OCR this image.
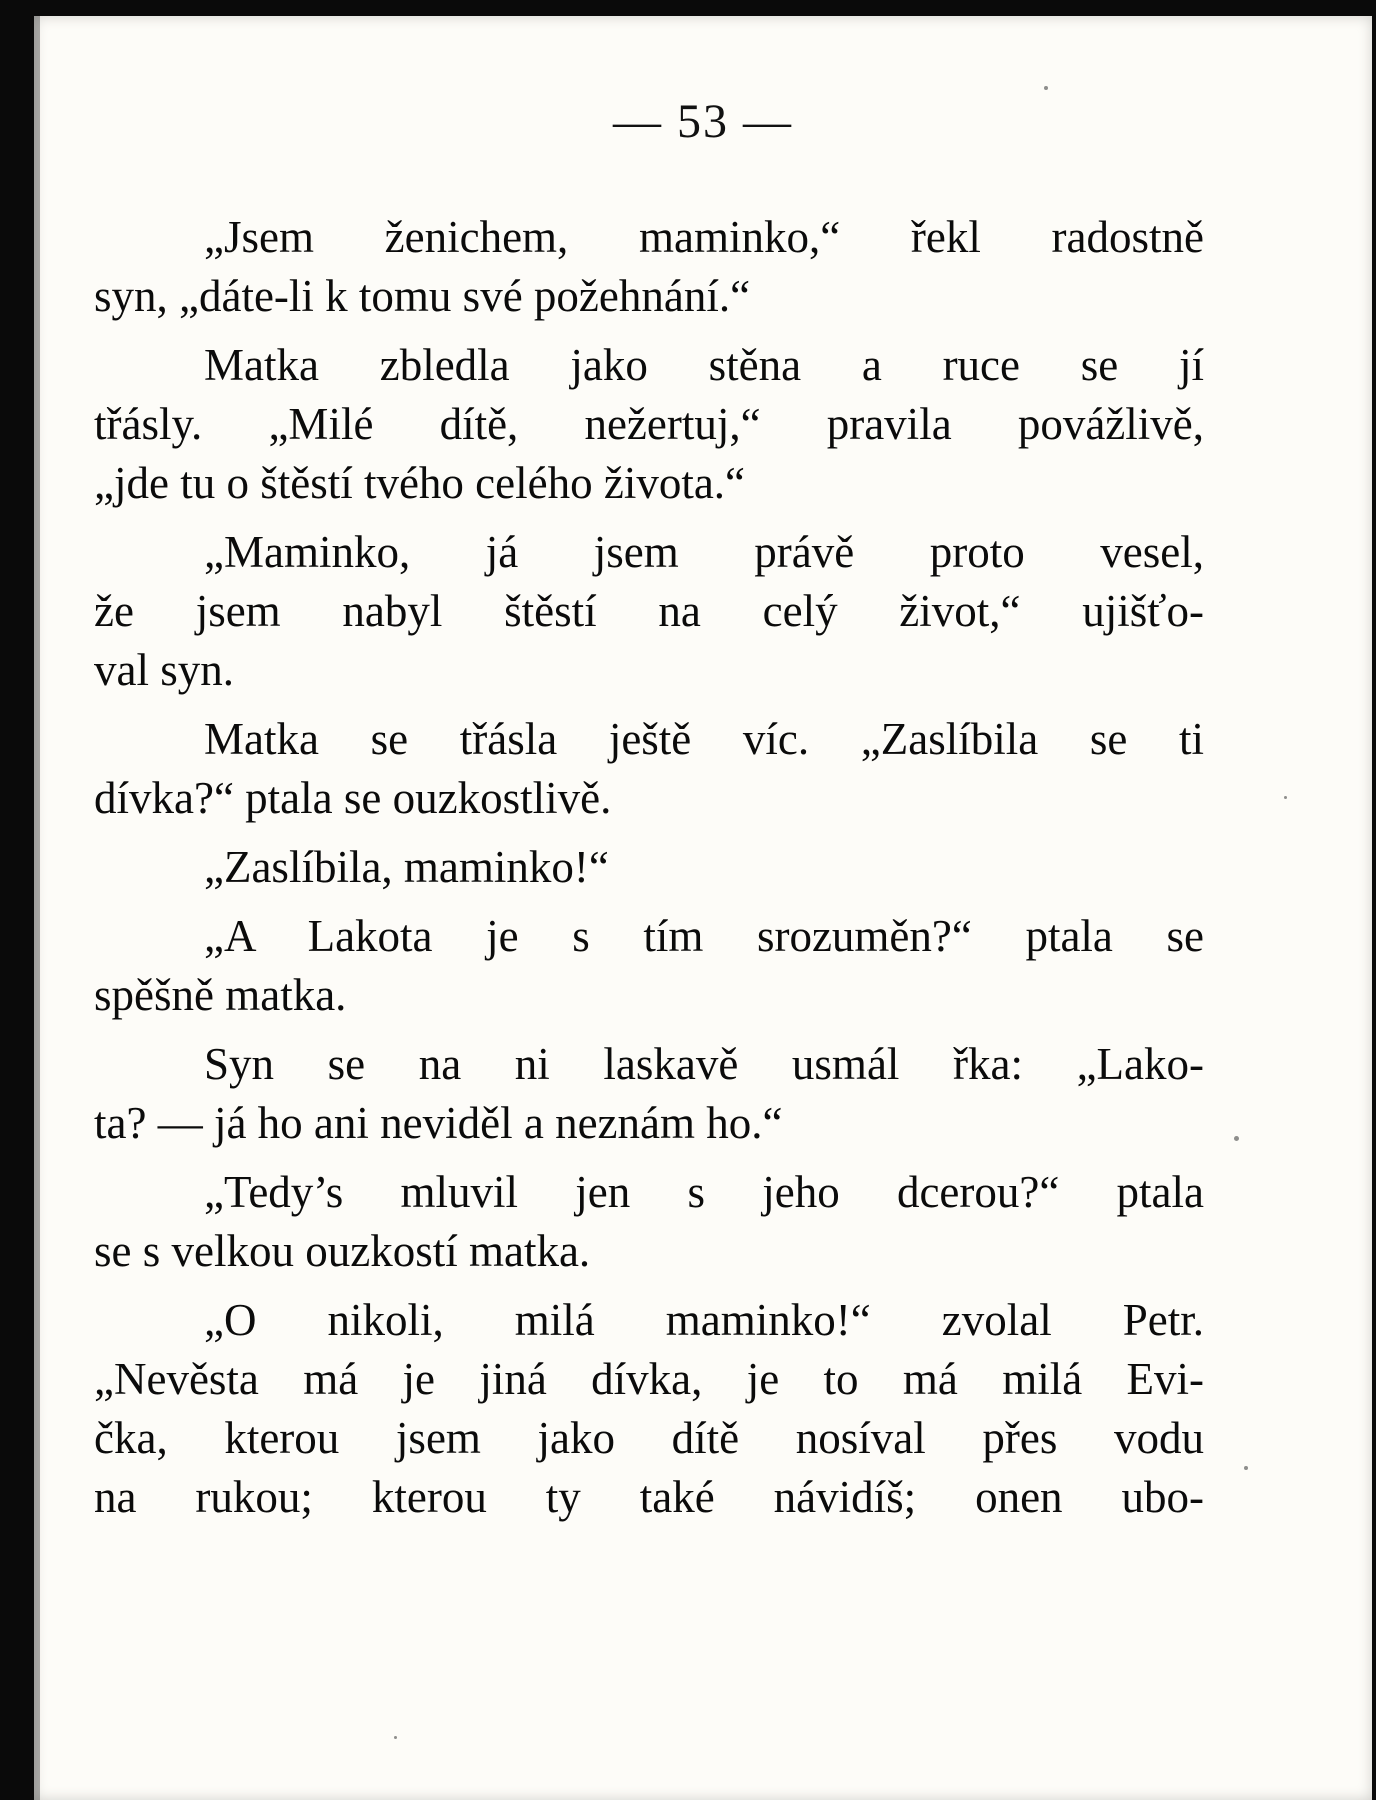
— 53 —
„Jsem ženichem, maminko,“ řekl radostně
syn, „dáte-li k tomu své požehnání.“
Matka zbledla jako stěna a ruce se jí
třásly. „Milé dítě, nežertuj,“ pravila povážlivě,
„jde tu o štěstí tvého celého života.“
„Maminko, já jsem právě proto vesel,
že jsem nabyl štěstí na celý život,“ ujišťo-
val syn.
Matka se třásla ještě víc. „Zaslíbila se ti
dívka?“ ptala se ouzkostlivě.
„Zaslíbila, maminko!“
„A Lakota je s tím srozuměn?“ ptala se
spěšně matka.
Syn se na ni laskavě usmál řka: „Lako-
ta? — já ho ani neviděl a neznám ho.“
„Tedy’s mluvil jen s jeho dcerou?“ ptala
se s velkou ouzkostí matka.
„O nikoli, milá maminko!“ zvolal Petr.
„Nevěsta má je jiná dívka, je to má milá Evi-
čka, kterou jsem jako dítě nosíval přes vodu
na rukou; kterou ty také návidíš; onen ubo-
